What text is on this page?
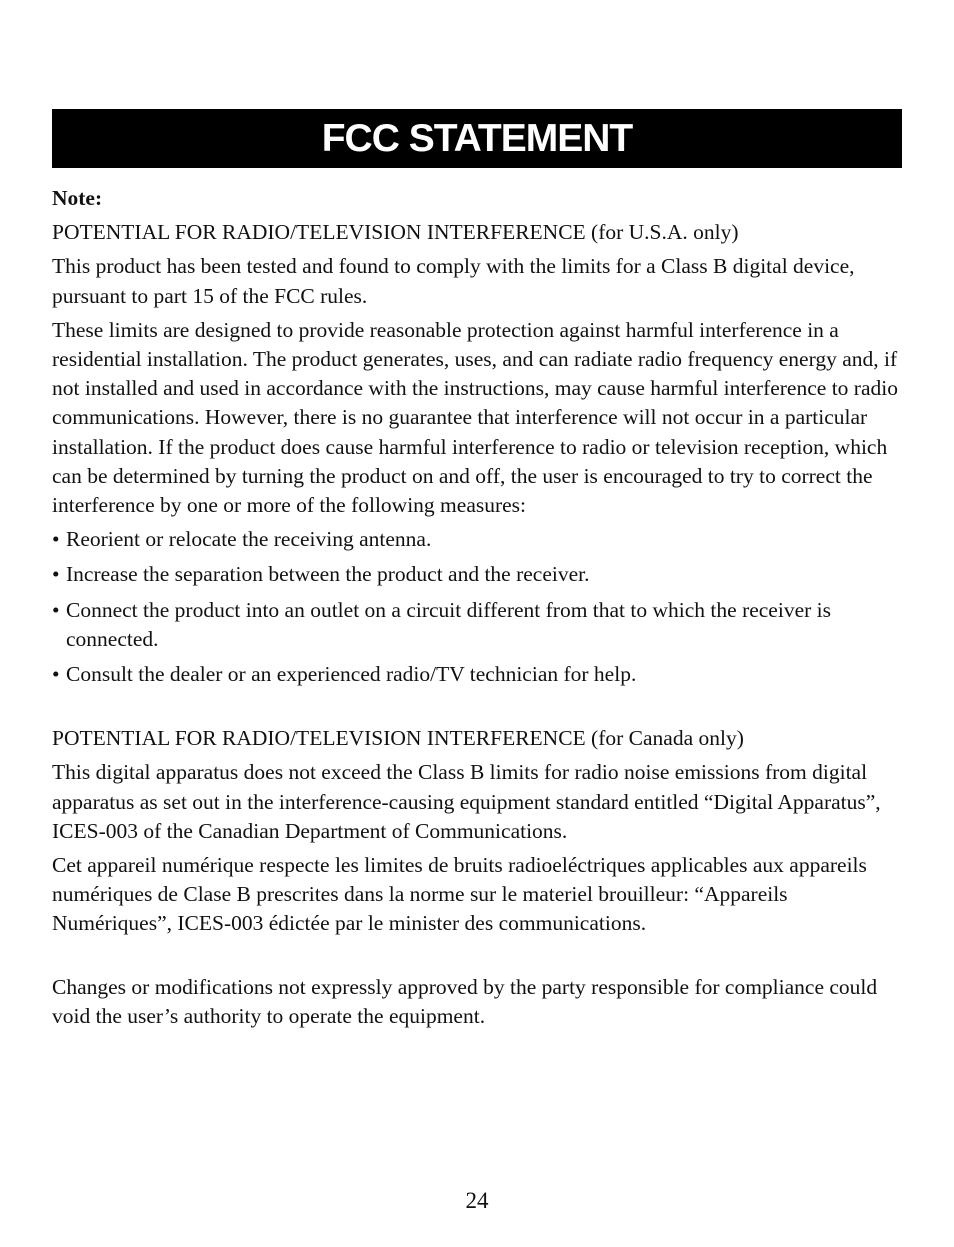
FCC STATEMENT

Note:

POTENTIAL FOR RADIO/TELEVISION INTERFERENCE (for U.S.A. only)

This product has been tested and found to comply with the limits for a Class B digital device, pursuant to part 15 of the FCC rules.

These limits are designed to provide reasonable protection against harmful interference in a residential installation. The product generates, uses, and can radiate radio frequency energy and, if not installed and used in accordance with the instructions, may cause harmful interference to radio communications. However, there is no guarantee that interference will not occur in a particular installation. If the product does cause harmful interference to radio or television reception, which can be determined by turning the product on and off, the user is encouraged to try to correct the interference by one or more of the following measures:

• Reorient or relocate the receiving antenna.
• Increase the separation between the product and the receiver.
• Connect the product into an outlet on a circuit different from that to which the receiver is connected.
• Consult the dealer or an experienced radio/TV technician for help.

POTENTIAL FOR RADIO/TELEVISION INTERFERENCE (for Canada only)

This digital apparatus does not exceed the Class B limits for radio noise emissions from digital apparatus as set out in the interference-causing equipment standard entitled “Digital Apparatus”, ICES-003 of the Canadian Department of Communications.

Cet appareil numérique respecte les limites de bruits radioeléctriques applicables aux appareils numériques de Clase B prescrites dans la norme sur le materiel brouilleur: “Appareils Numériques”, ICES-003 édictée par le minister des communications.

Changes or modifications not expressly approved by the party responsible for compliance could void the user’s authority to operate the equipment.

24
